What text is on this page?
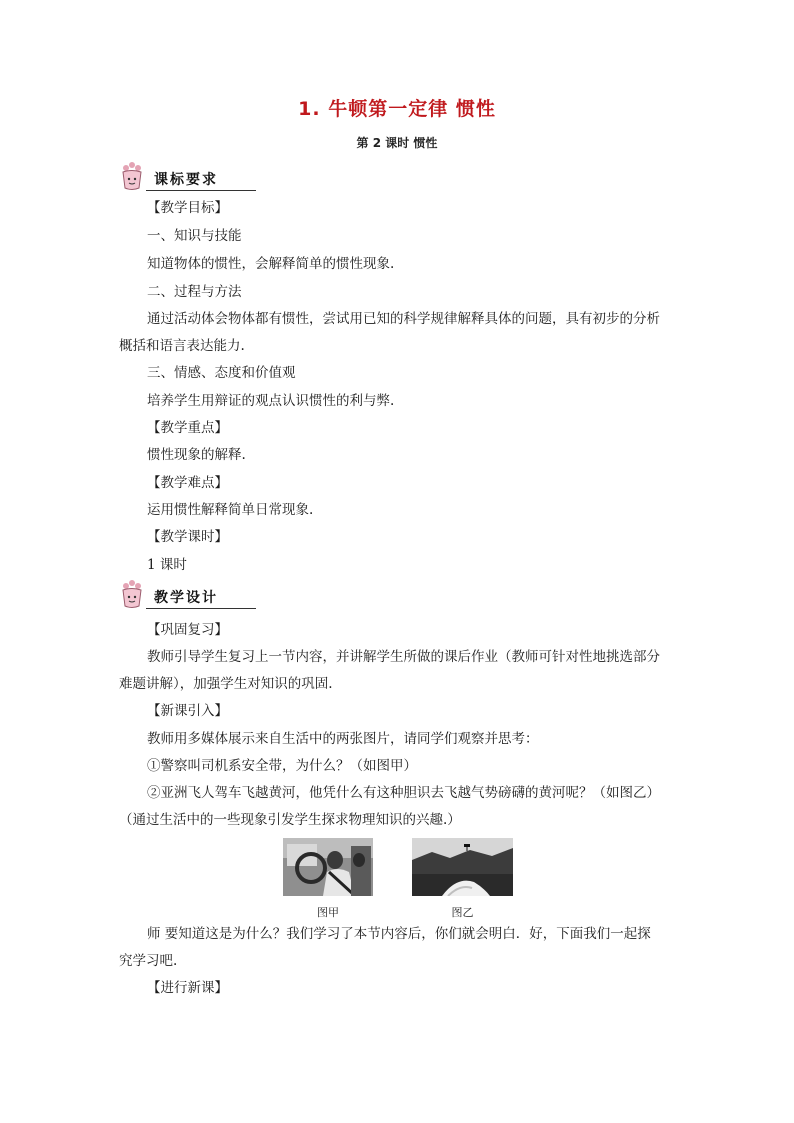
1. 牛顿第一定律 惯性
第 2 课时 惯性
课标要求
【教学目标】
一、知识与技能
知道物体的惯性，会解释简单的惯性现象.
二、过程与方法
通过活动体会物体都有惯性，尝试用已知的科学规律解释具体的问题，具有初步的分析
概括和语言表达能力.
三、情感、态度和价值观
培养学生用辩证的观点认识惯性的利与弊.
【教学重点】
惯性现象的解释.
【教学难点】
运用惯性解释简单日常现象.
【教学课时】
1 课时
教学设计
【巩固复习】
教师引导学生复习上一节内容，并讲解学生所做的课后作业（教师可针对性地挑选部分
难题讲解），加强学生对知识的巩固.
【新课引入】
教师用多媒体展示来自生活中的两张图片，请同学们观察并思考：
①警察叫司机系安全带，为什么？（如图甲）
②亚洲飞人驾车飞越黄河，他凭什么有这种胆识去飞越气势磅礴的黄河呢？（如图乙）
（通过生活中的一些现象引发学生探求物理知识的兴趣.）
图甲	图乙
师 要知道这是为什么？我们学习了本节内容后，你们就会明白．好，下面我们一起探
究学习吧.
【进行新课】
